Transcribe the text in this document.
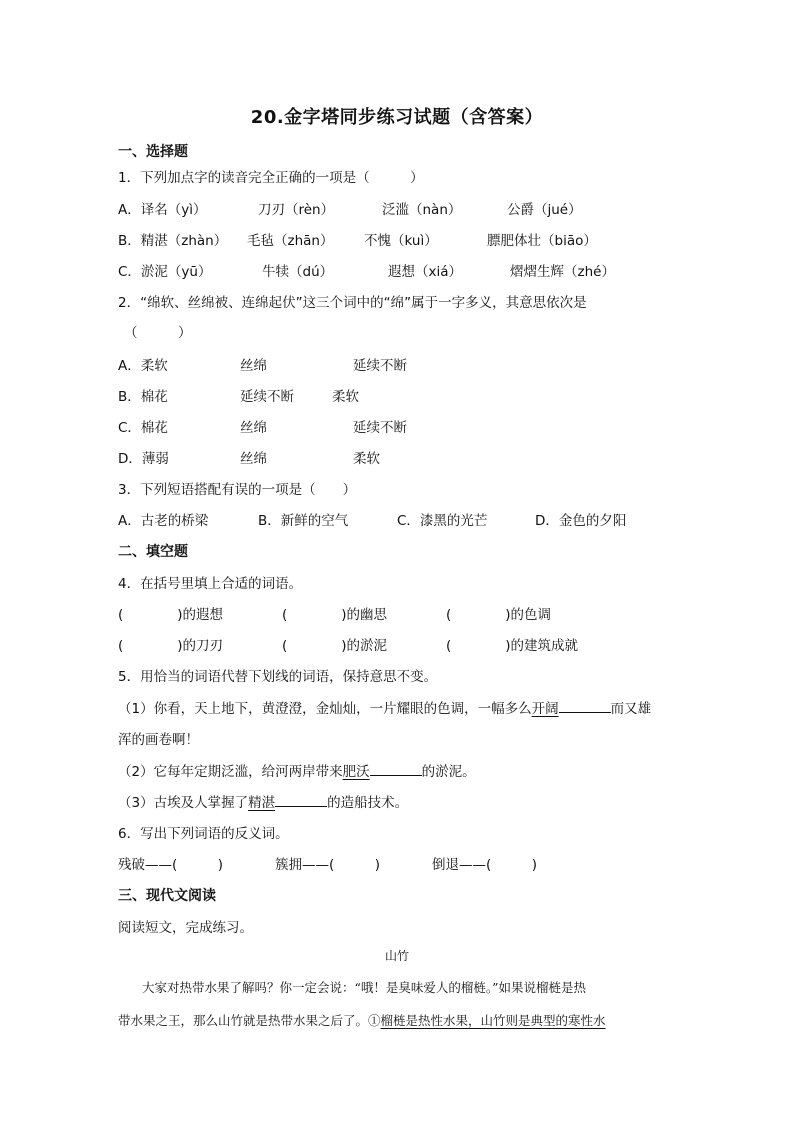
20.金字塔同步练习试题（含答案）
一、选择题
1．下列加点字的读音完全正确的一项是（　　　）
A．译名（yì）	刀刃（rèn）	泛滥（nàn）	公爵（jué）
B．精湛（zhàn） 毛毡（zhān） 不愧（kuì）	膘肥体壮（biāo）
C．淤泥（yū）	牛犊（dú）	遐想（xiá）	熠熠生辉（zhé）
2．“绵软、丝绵被、连绵起伏”这三个词中的“绵”属于一字多义，其意思依次是
（　　　）
A．柔软	丝绵	延续不断
B．棉花	延续不断	柔软
C．棉花	丝绵	延续不断
D．薄弱	丝绵	柔软
3．下列短语搭配有误的一项是（　　）
A．古老的桥梁	B．新鲜的空气	C．漆黑的光芒	D．金色的夕阳
二、填空题
4．在括号里填上合适的词语。
(　　　　)的遐想	(　　　　)的幽思	(　　　　)的色调
(　　　　)的刀刃	(　　　　)的淤泥	(　　　　)的建筑成就
5．用恰当的词语代替下划线的词语，保持意思不变。
（1）你看，天上地下，黄澄澄，金灿灿，一片耀眼的色调，一幅多么开阔	而又雄
浑的画卷啊！
（2）它每年定期泛滥，给河两岸带来肥沃	的淤泥。
（3）古埃及人掌握了精湛	的造船技术。
6．写出下列词语的反义词。
残破——(　　　)	簇拥——(　　　)	倒退——(　　　)
三、现代文阅读
阅读短文，完成练习。
山竹
大家对热带水果了解吗？你一定会说：“哦！是臭味爱人的榴梿。”如果说榴梿是热
带水果之王，那么山竹就是热带水果之后了。①榴梿是热性水果，山竹则是典型的寒性水
